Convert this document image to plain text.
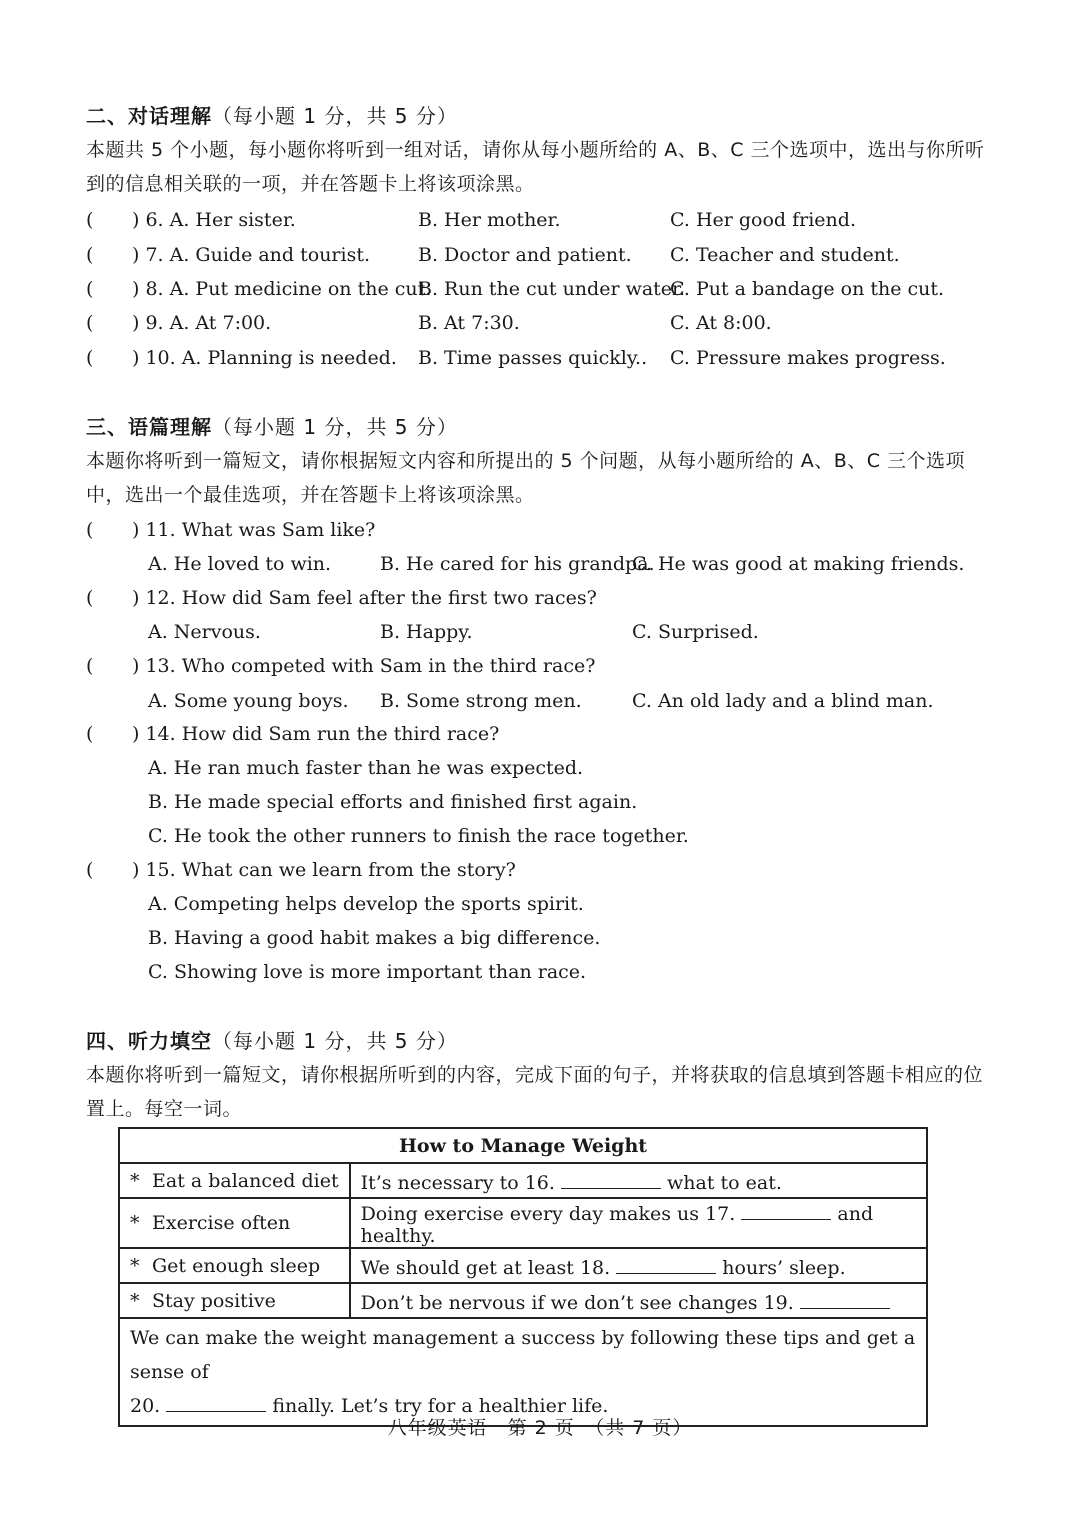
二、对话理解（每小题 1 分，共 5 分）
本题共 5 个小题，每小题你将听到一组对话，请你从每小题所给的 A、B、C 三个选项中，选出与你所听到的信息相关联的一项，并在答题卡上将该项涂黑。
( ) 6. A. Her sister.	B. Her mother.	C. Her good friend.
( ) 7. A. Guide and tourist.	B. Doctor and patient. C. Teacher and student.
( ) 8. A. Put medicine on the cut.
B. Run the cut under water.
C. Put a bandage on the cut.
( ) 9. A. At 7:00.	B. At 7:30.	C. At 8:00.
( ) 10. A. Planning is needed. B. Time passes quickly.. C. Pressure makes progress.
三、语篇理解（每小题 1 分，共 5 分）
本题你将听到一篇短文，请你根据短文内容和所提出的 5 个问题，从每小题所给的 A、B、C 三个选项中，选出一个最佳选项，并在答题卡上将该项涂黑。
( ) 11. What was Sam like?
A. He loved to win.	B. He cared for his grandpa.
C. He was good at making friends.
( ) 12. How did Sam feel after the first two races?
A. Nervous.	B. Happy.	C. Surprised.
( ) 13. Who competed with Sam in the third race?
A. Some young boys. B. Some strong men.	C. An old lady and a blind man.
( ) 14. How did Sam run the third race?
A. He ran much faster than he was expected.
B. He made special efforts and finished first again.
C. He took the other runners to finish the race together.
( ) 15. What can we learn from the story?
A. Competing helps develop the sports spirit.
B. Having a good habit makes a big difference.
C. Showing love is more important than race.
四、听力填空（每小题 1 分，共 5 分）
本题你将听到一篇短文，请你根据所听到的内容，完成下面的句子，并将获取的信息填到答题卡相应的位置上。每空一词。
How to Manage Weight	
* Eat a balanced diet	It’s necessary to 16. what to eat.
* Exercise often	Doing exercise every day makes us 17. and healthy.
* Get enough sleep	We should get at least 18. hours’ sleep.
* Stay positive	Don’t be nervous if we don’t see changes 19.
We can make the weight management a success by following these tips and get a sense of
20. finally. Let’s try for a healthier life.	
八年级英语　第 2 页　（共 7 页）
